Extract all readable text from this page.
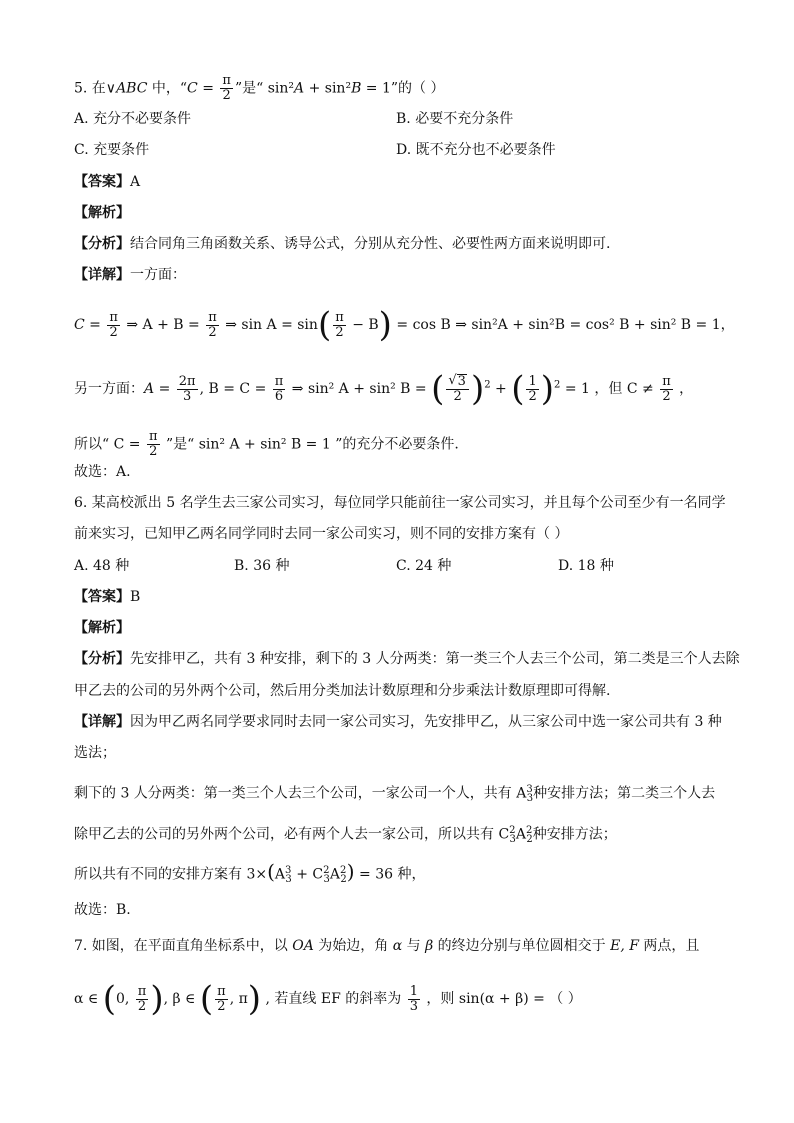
5. 在∨ABC 中，“$C = \frac{\pi}{2}$ ”是“ sin²A + sin²B = 1”的（ ）
A. 充分不必要条件	B. 必要不充分条件
C. 充要条件	D. 既不充分也不必要条件
【答案】A
【解析】
【分析】结合同角三角函数关系、诱导公式，分别从充分性、必要性两方面来说明即可.
【详解】一方面：
$C = \frac{\pi}{2}$ ⇒ $A + B = \frac{\pi}{2}$ ⇒ $\sin A = \sin( \frac{\pi}{2} - B) = \cos B$ ⇒ sin²A + sin²B = cos² B + sin² B = 1，
另一方面：$A = \frac{2\pi}{3}$ , $B = C = \frac{\pi}{6}$ ⇒ sin² A + sin² B = ( $\frac{√ 3}{2} )^2$ + ( $\frac{1}{2} )^2 = 1$ ，但 $C \ne \frac{\pi}{2}$ ，
所以“ $C = \frac{\pi}{2}$ ”是“ sin² A + sin² B = 1 ”的充分不必要条件.
故选：A.
6. 某高校派出 5 名学生去三家公司实习，每位同学只能前往一家公司实习，并且每个公司至少有一名同学
前来实习，已知甲乙两名同学同时去同一家公司实习，则不同的安排方案有（ ）
A. 48 种	B. 36 种	C. 24 种	D. 18 种
【答案】B
【解析】
【分析】先安排甲乙，共有 3 种安排，剩下的 3 人分两类：第一类三个人去三个公司，第二类是三个人去除
甲乙去的公司的另外两个公司，然后用分类加法计数原理和分步乘法计数原理即可得解.
【详解】因为甲乙两名同学要求同时去同一家公司实习，先安排甲乙，从三家公司中选一家公司共有 3 种
选法；
剩下的 3 人分两类：第一类三个人去三个公司，一家公司一个人，共有 $A^3_3$种安排方法；第二类三个人去
除甲乙去的公司的另外两个公司，必有两个人去一家公司，所以共有 $C^2_3A^2_2$种安排方法；
所以共有不同的安排方案有 $3\times(A^3_3 + C^2_3A^2_2) = 36$ 种，
故选：B.
7. 如图，在平面直角坐标系中，以 OA 为始边，角 α 与 β 的终边分别与单位圆相交于 E, F 两点，且
α ∈ (0, $\frac{\pi}{2}$ ), β ∈ ( $\frac{\pi}{2}$ , π) , 若直线 EF 的斜率为 $\frac{1}{3}$ ，则 sin(α + β) = （ ）
